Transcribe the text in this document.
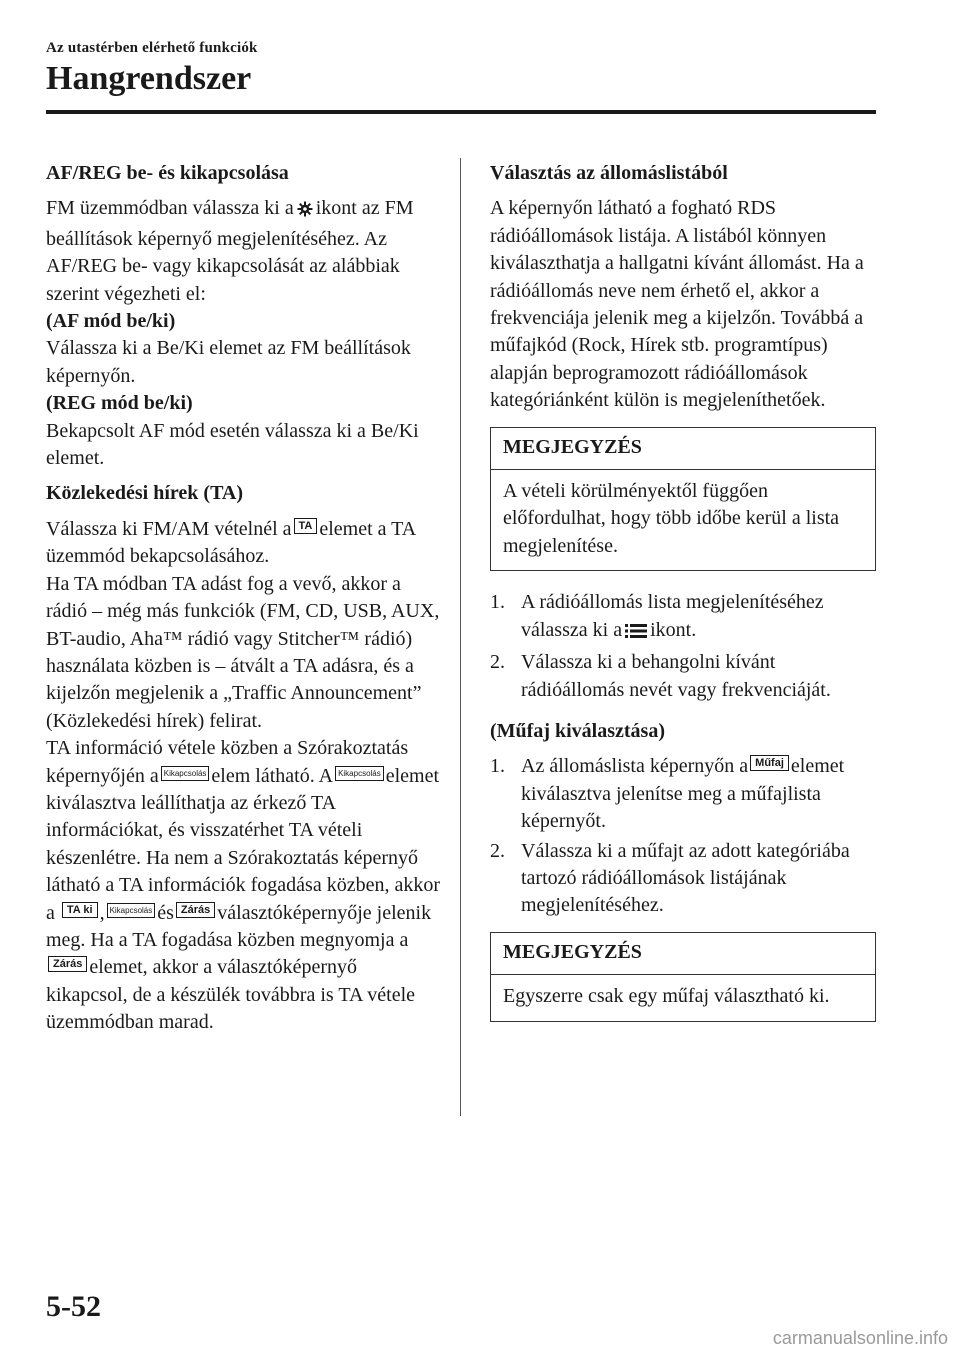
Az utastérben elérhető funkciók
Hangrendszer
AF/REG be- és kikapcsolása

FM üzemmódban válassza ki a ikont az FM beállítások képernyő megjelenítéséhez. Az AF/REG be- vagy kikapcsolását az alábbiak szerint végezheti el:

(AF mód be/ki)

Válassza ki a Be/Ki elemet az FM beállítások képernyőn.

(REG mód be/ki)

Bekapcsolt AF mód esetén válassza ki a Be/Ki elemet.

Közlekedési hírek (TA)

Válassza ki FM/AM vételnél a TA elemet a TA üzemmód bekapcsolásához.

Ha TA módban TA adást fog a vevő, akkor a rádió – még más funkciók (FM, CD, USB, AUX, BT-audio, Aha™ rádió vagy Stitcher™ rádió) használata közben is – átvált a TA adásra, és a kijelzőn megjelenik a „Traffic Announcement” (Közlekedési hírek) felirat.

TA információ vétele közben a Szórakoztatás képernyőjén a Kikapcsolás elem látható. A Kikapcsolás elemet kiválasztva leállíthatja az érkező TA információkat, és visszatérhet TA vételi készenlétre. Ha nem a Szórakoztatás képernyő látható a TA információk fogadása közben, akkor a TA ki , Kikapcsolás és Zárás választóképernyője jelenik meg. Ha a TA fogadása közben megnyomja aZárás elemet, akkor a választóképernyő kikapcsol, de a készülék továbbra is TA vétele üzemmódban marad.

Választás az állomáslistából

A képernyőn látható a fogható RDS rádióállomások listája. A listából könnyen kiválaszthatja a hallgatni kívánt állomást. Ha a rádióállomás neve nem érhető el, akkor a frekvenciája jelenik meg a kijelzőn. Továbbá a műfajkód (Rock, Hírek stb. programtípus) alapján beprogramozott rádióállomások kategóriánként külön is megjeleníthetőek.

MEGJEGYZÉS
A vételi körülményektől függően előfordulhat, hogy több időbe kerül a lista megjelenítése.
1. A rádióállomás lista megjelenítéséhez válassza ki a ikont.
2. Válassza ki a behangolni kívánt rádióállomás nevét vagy frekvenciáját.
(Műfaj kiválasztása)
1. Az állomáslista képernyőn a Műfaj elemet kiválasztva jelenítse meg a műfajlista képernyőt.
2. Válassza ki a műfajt az adott kategóriába tartozó rádióállomások listájának megjelenítéséhez.
MEGJEGYZÉS
Egyszerre csak egy műfaj választható ki.
5-52
carmanualsonline.info
